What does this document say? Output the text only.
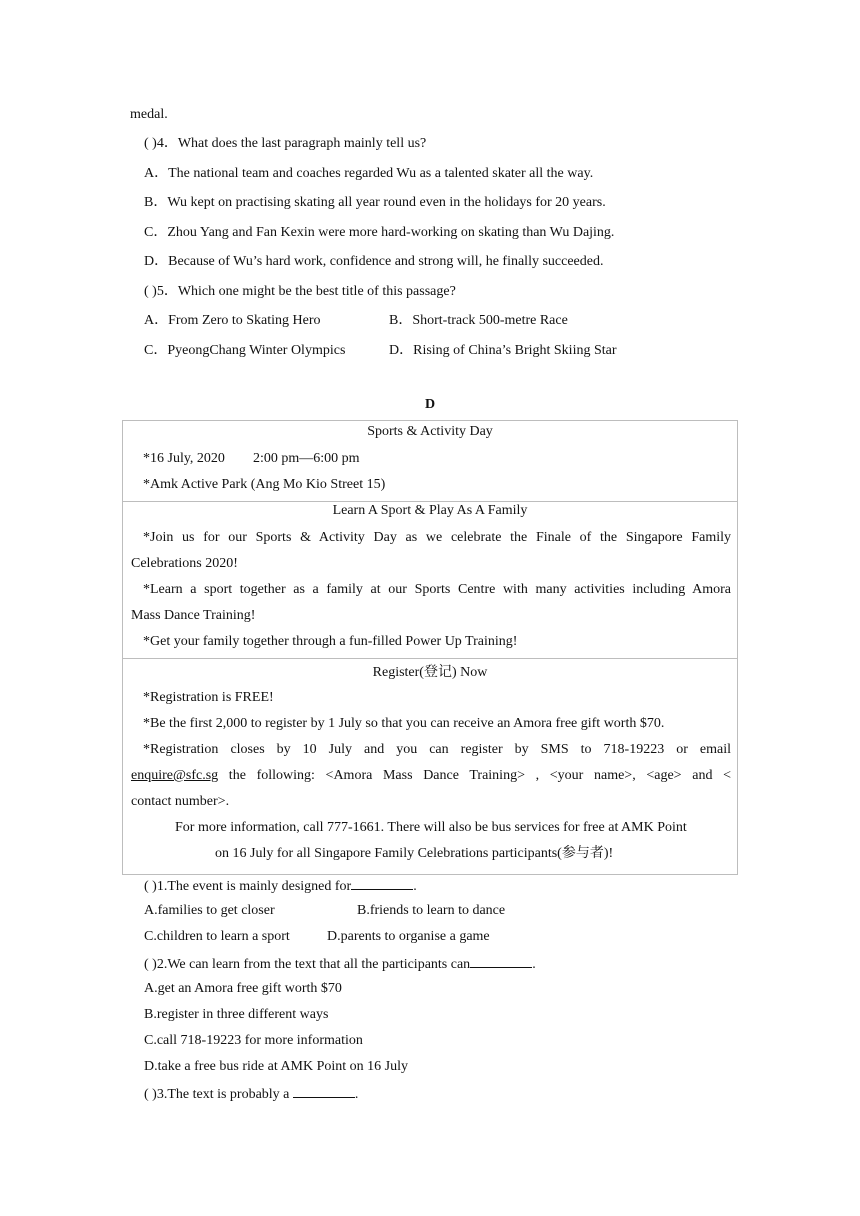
medal.
( )4．What does the last paragraph mainly tell us?
A．The national team and coaches regarded Wu as a talented skater all the way.
B．Wu kept on practising skating all year round even in the holidays for 20 years.
C．Zhou Yang and Fan Kexin were more hard-working on skating than Wu Dajing.
D．Because of Wu’s hard work, confidence and strong will, he finally succeeded.
( )5．Which one might be the best title of this passage?
A．From Zero to Skating Hero	B．Short-track 500-metre Race
C．PyeongChang Winter Olympics	D．Rising of China’s Bright Skiing Star
D
Sports & Activity Day
*16 July, 2020 2:00 pm—6:00 pm
*Amk Active Park (Ang Mo Kio Street 15)
Learn A Sport & Play As A Family
*Join us for our Sports & Activity Day as we celebrate the Finale of the Singapore Family
Celebrations 2020!
*Learn a sport together as a family at our Sports Centre with many activities including Amora
Mass Dance Training!
*Get your family together through a fun-filled Power Up Training!
Register(登记) Now
*Registration is FREE!
*Be the first 2,000 to register by 1 July so that you can receive an Amora free gift worth $70.
*Registration closes by 10 July and you can register by SMS to 718-19223 or email
enquire@sfc.sg the following: <Amora Mass Dance Training> , <your name>, <age> and <
contact number>.
For more information, call 777-1661. There will also be bus services for free at AMK Point
on 16 July for all Singapore Family Celebrations participants(参与者)!
( )1.The event is mainly designed for	.
A.families to get closer	B.friends to learn to dance
C.children to learn a sport	D.parents to organise a game
( )2.We can learn from the text that all the participants can	.
A.get an Amora free gift worth $70
B.register in three different ways
C.call 718-19223 for more information
D.take a free bus ride at AMK Point on 16 July
( )3.The text is probably a	.
